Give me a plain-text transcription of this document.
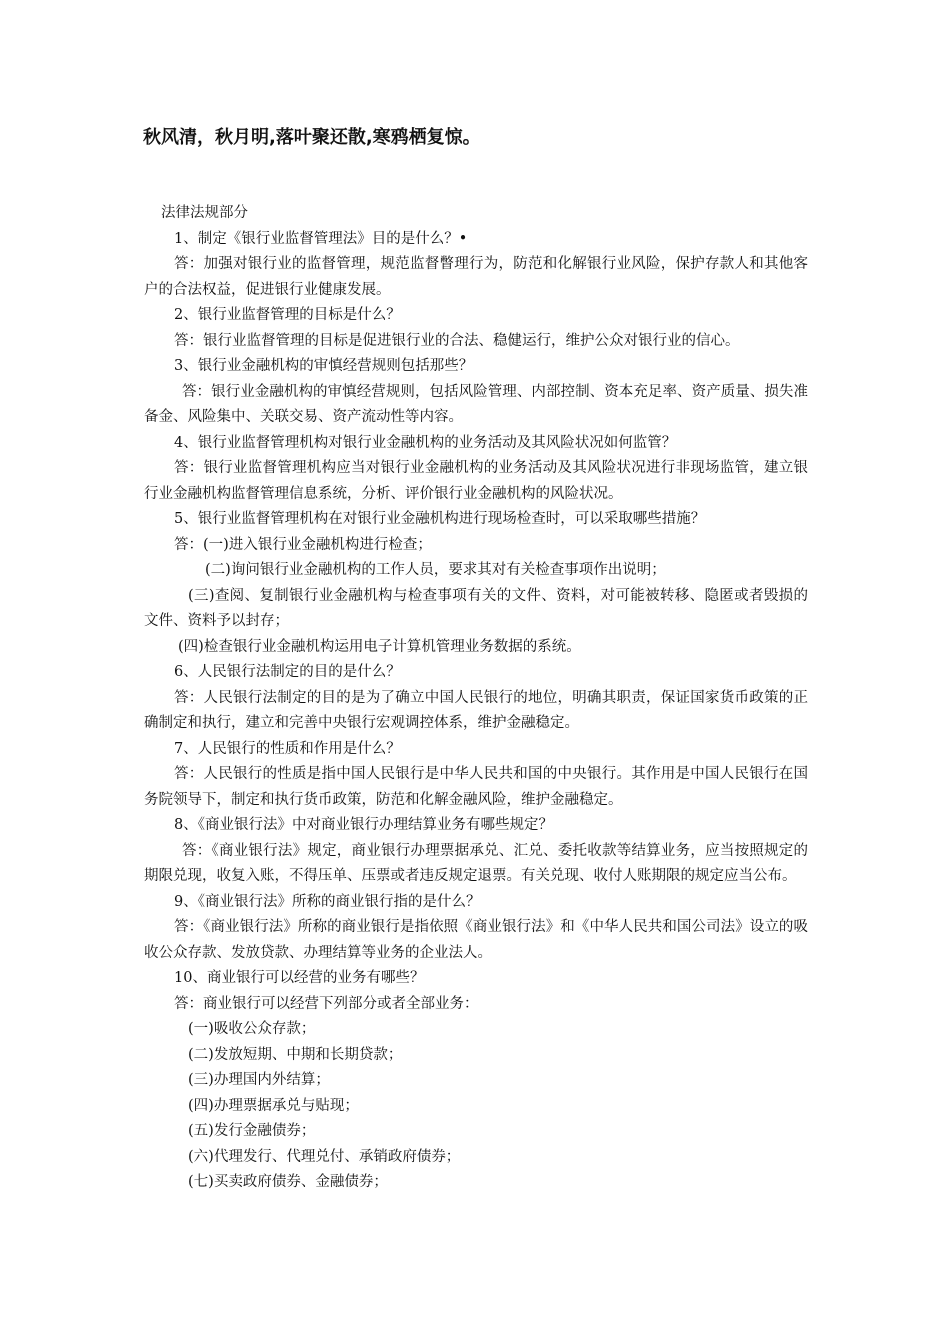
秋风清，秋月明,落叶聚还散,寒鸦栖复惊。

法律法规部分

1、制定《银行业监督管理法》目的是什么？•

答：加强对银行业的监督管理，规范监督瞥理行为，防范和化解银行业风险，保护存款人和其他客户的合法权益，促进银行业健康发展。

2、银行业监督管理的目标是什么？

答：银行业监督管理的目标是促进银行业的合法、稳健运行，维护公众对银行业的信心。

3、银行业金融机构的审慎经营规则包括那些？

答：银行业金融机构的审慎经营规则，包括风险管理、内部控制、资本充足率、资产质量、损失准备金、风险集中、关联交易、资产流动性等内容。

4、银行业监督管理机构对银行业金融机构的业务活动及其风险状况如何监管？

答：银行业监督管理机构应当对银行业金融机构的业务活动及其风险状况进行非现场监管，建立银行业金融机构监督管理信息系统，分析、评价银行业金融机构的风险状况。

5、银行业监督管理机构在对银行业金融机构进行现场检查时，可以采取哪些措施？

答：(一)进入银行业金融机构进行检查；

(二)询问银行业金融机构的工作人员，要求其对有关检查事项作出说明；

(三)查阅、复制银行业金融机构与检查事项有关的文件、资料，对可能被转移、隐匿或者毁损的文件、资料予以封存；

(四)检查银行业金融机构运用电子计算机管理业务数据的系统。

6、人民银行法制定的目的是什么？

答：人民银行法制定的目的是为了确立中国人民银行的地位，明确其职责，保证国家货币政策的正确制定和执行，建立和完善中央银行宏观调控体系，维护金融稳定。

7、人民银行的性质和作用是什么？

答：人民银行的性质是指中国人民银行是中华人民共和国的中央银行。其作用是中国人民银行在国务院领导下，制定和执行货币政策，防范和化解金融风险，维护金融稳定。

8、《商业银行法》中对商业银行办理结算业务有哪些规定？

答：《商业银行法》规定，商业银行办理票据承兑、汇兑、委托收款等结算业务，应当按照规定的期限兑现，收复入账，不得压单、压票或者违反规定退票。有关兑现、收付人账期限的规定应当公布。

9、《商业银行法》所称的商业银行指的是什么？

答：《商业银行法》所称的商业银行是指依照《商业银行法》和《中华人民共和国公司法》设立的吸收公众存款、发放贷款、办理结算等业务的企业法人。

10、商业银行可以经营的业务有哪些？

答：商业银行可以经营下列部分或者全部业务：

(一)吸收公众存款；

(二)发放短期、中期和长期贷款；

(三)办理国内外结算；

(四)办理票据承兑与贴现；

(五)发行金融债券；

(六)代理发行、代理兑付、承销政府债券；

(七)买卖政府债券、金融债券；
